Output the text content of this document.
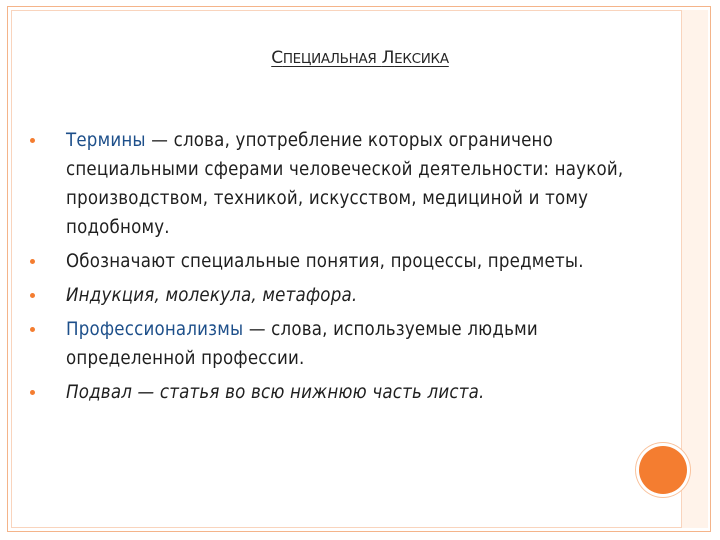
СПЕЦИАЛЬНАЯ ЛЕКСИКА
Термины — слова, употребление которых ограничено специальными сферами человеческой деятельности: наукой, производством, техникой, искусством, медициной и тому подобному.
Обозначают специальные понятия, процессы, предметы.
Индукция, молекула, метафора.
Профессионализмы — слова, используемые людьми определенной профессии.
Подвал — статья во всю нижнюю часть листа.
